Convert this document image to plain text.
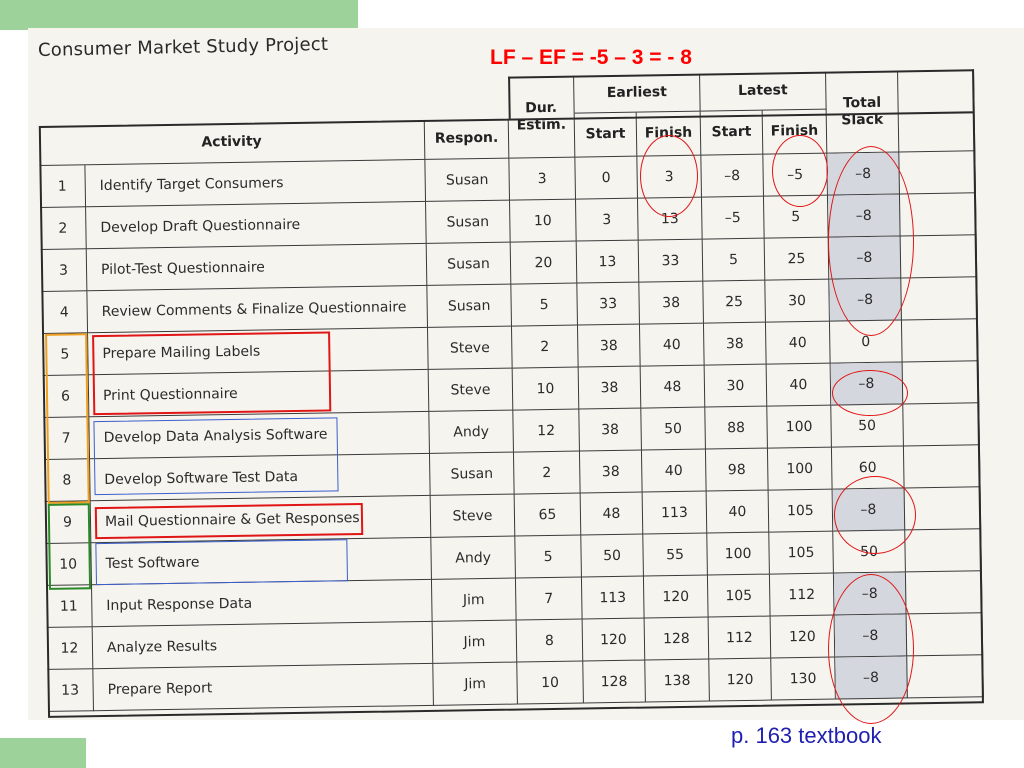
Consumer Market Study Project	LF – EF = -5 – 3 = - 8
Activity	Respon.
Dur.
Estim.
Earliest	Latest
Start	Finish	Start	Finish
Total
Slack
1	Identify Target Consumers	Susan	3	0	3	–8	–5	–8
2	Develop Draft Questionnaire	Susan	10	3	13	–5	5	–8
3	Pilot-Test Questionnaire	Susan	20	13	33	5	25	–8
4	Review Comments & Finalize Questionnaire	Susan	5	33	38	25	30	–8
5	Prepare Mailing Labels	Steve	2	38	40	38	40	0
6	Print Questionnaire	Steve	10	38	48	30	40	–8
7	Develop Data Analysis Software	Andy	12	38	50	88	100	50
8	Develop Software Test Data	Susan	2	38	40	98	100	60
9	Mail Questionnaire & Get Responses	Steve	65	48	113	40	105	–8
10	Test Software	Andy	5	50	55	100	105	50
11	Input Response Data	Jim	7	113	120	105	112	–8
12	Analyze Results	Jim	8	120	128	112	120	–8
13	Prepare Report	Jim	10	128	138	120	130	–8
p. 163 textbook
